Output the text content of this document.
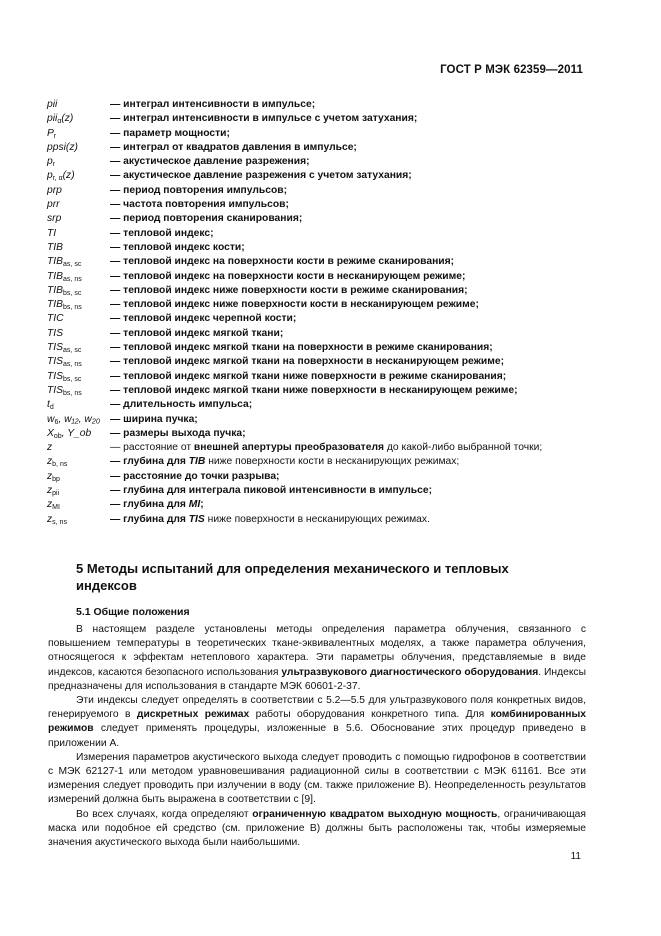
ГОСТ Р МЭК 62359—2011
pii	— интеграл интенсивности в импульсе;
pii$_\alpha$(z)	— интеграл интенсивности в импульсе с учетом затухания;
$P_r$	— параметр мощности;
ppsi(z)	— интеграл от квадратов давления в импульсе;
$p_r$	— акустическое давление разрежения;
$p_{r, \alpha}(z)$	— акустическое давление разрежения с учетом затухания;
prp	— период повторения импульсов;
prr	— частота повторения импульсов;
srp	— период повторения сканирования;
TI	— тепловой индекс;
TIB	— тепловой индекс кости;
$TIB_{as, sc}$	— тепловой индекс на поверхности кости в режиме сканирования;
$TIB_{as, ns}$	— тепловой индекс на поверхности кости в несканирующем режиме;
$TIB_{bs, sc}$	— тепловой индекс ниже поверхности кости в режиме сканирования;
$TIB_{bs, ns}$	— тепловой индекс ниже поверхности кости в несканирующем режиме;
TIC	— тепловой индекс черепной кости;
TIS	— тепловой индекс мягкой ткани;
$TIS_{as, sc}$	— тепловой индекс мягкой ткани на поверхности в режиме сканирования;
$TIS_{as, ns}$	— тепловой индекс мягкой ткани на поверхности в несканирующем режиме;
$TIS_{bs, sc}$	— тепловой индекс мягкой ткани ниже поверхности в режиме сканирования;
$TIS_{bs, ns}$	— тепловой индекс мягкой ткани ниже поверхности в несканирующем режиме;
$t_d$	— длительность импульса;
$w_6$, w₁₂, w₂₀ — ширина пучка;
$X_{ob}$, Y_ob	— размеры выхода пучка;
z	— расстояние от внешней апертуры преобразователя до какой-либо выбранной точки;
$z_{b, ns}$	— глубина для TIB ниже поверхности кости в несканирующих режимах;
$z_{bp}$	— расстояние до точки разрыва;
$z_{pii}$	— глубина для интеграла пиковой интенсивности в импульсе;
$z_{MI}$	— глубина для MI;
$z_{s, ns}$	— глубина для TIS ниже поверхности в несканирующих режимах.
5 Методы испытаний для определения механического и тепловых индексов
5.1 Общие положения

В настоящем разделе установлены методы определения параметра облучения, связанного с повышением температуры в теоретических ткане-эквивалентных моделях, а также параметра облучения, относящегося к эффектам нетеплового характера. Эти параметры облучения, представляемые в виде индексов, касаются безопасного использования ультразвукового диагностического оборудования. Индексы предназначены для использования в стандарте МЭК 60601-2-37.

Эти индексы следует определять в соответствии с 5.2—5.5 для ультразвукового поля конкретных видов, генерируемого в дискретных режимах работы оборудования конкретного типа. Для комбинированных режимов следует применять процедуры, изложенные в 5.6. Обоснование этих процедур приведено в приложении А.

Измерения параметров акустического выхода следует проводить с помощью гидрофонов в соответствии с МЭК 62127-1 или методом уравновешивания радиационной силы в соответствии с МЭК 61161. Все эти измерения следует проводить при излучении в воду (см. также приложение В). Неопределенность результатов измерений должна быть выражена в соответствии с [9].

Во всех случаях, когда определяют ограниченную квадратом выходную мощность, ограничивающая маска или подобное ей средство (см. приложение В) должны быть расположены так, чтобы измеряемые значения акустического выхода были наибольшими.

11
